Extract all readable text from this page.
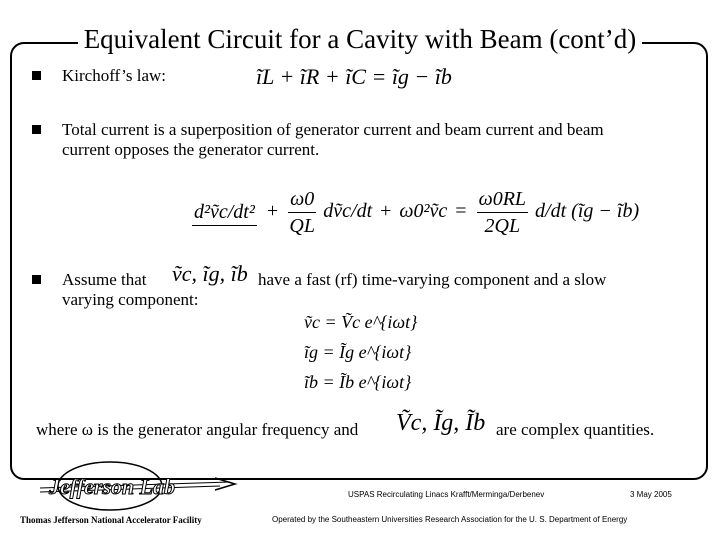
Equivalent Circuit for a Cavity with Beam (cont’d)
Kirchoff’s law:	ĩL + ĩR + ĩC = ĩg − ĩb
Total current is a superposition of generator current and beam current and beam
current opposes the generator current.
d²ṽc/dt² + $\frac{\omega 0}{QL}$ dṽc/dt + ω0²ṽc = $\frac{\omega 0RL}{2QL} d/dt$ (ĩg − ĩb)
Assume that ṽc, ĩg, ĩb have a fast (rf) time-varying component and a slow
varying component:
ṽc = Ṽc e^{iωt}
ĩg = Ĩg e^{iωt}
ĩb = Ĩb e^{iωt}
where ω is the generator angular frequency and	Ṽc, Ĩg, Ĩb are complex quantities.
Jefferson Lab
Thomas Jefferson National Accelerator Facility
USPAS Recirculating Linacs Krafft/Merminga/Derbenev
Operated by the Southeastern Universities Research Association for the U. S. Department of Energy
3 May 2005
